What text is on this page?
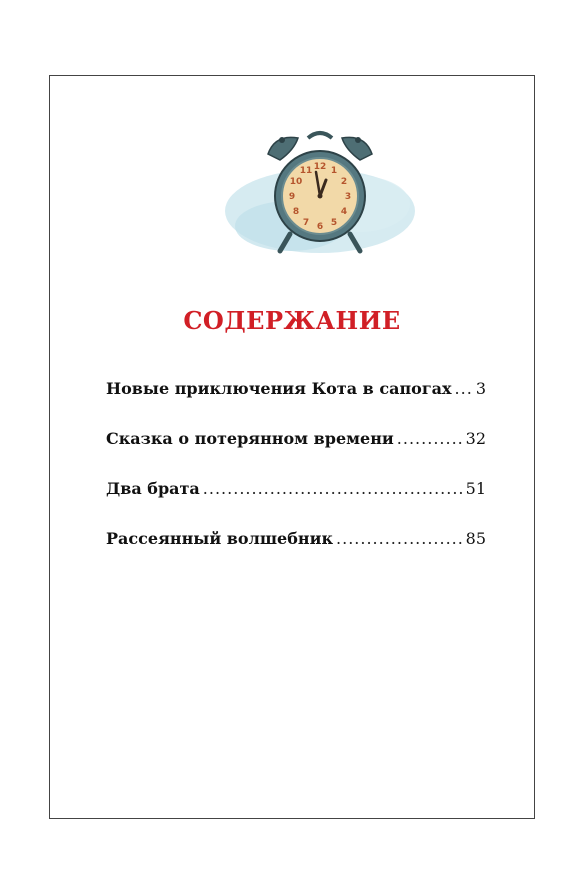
12 1
2
3
4
5
6
7
8
9
10
11
СОДЕРЖАНИЕ
Новые приключения Кота в сапогах ..... 3
Сказка о потерянном времени .....	32
Два брата .....	51
Рассеянный волшебник .....	85
